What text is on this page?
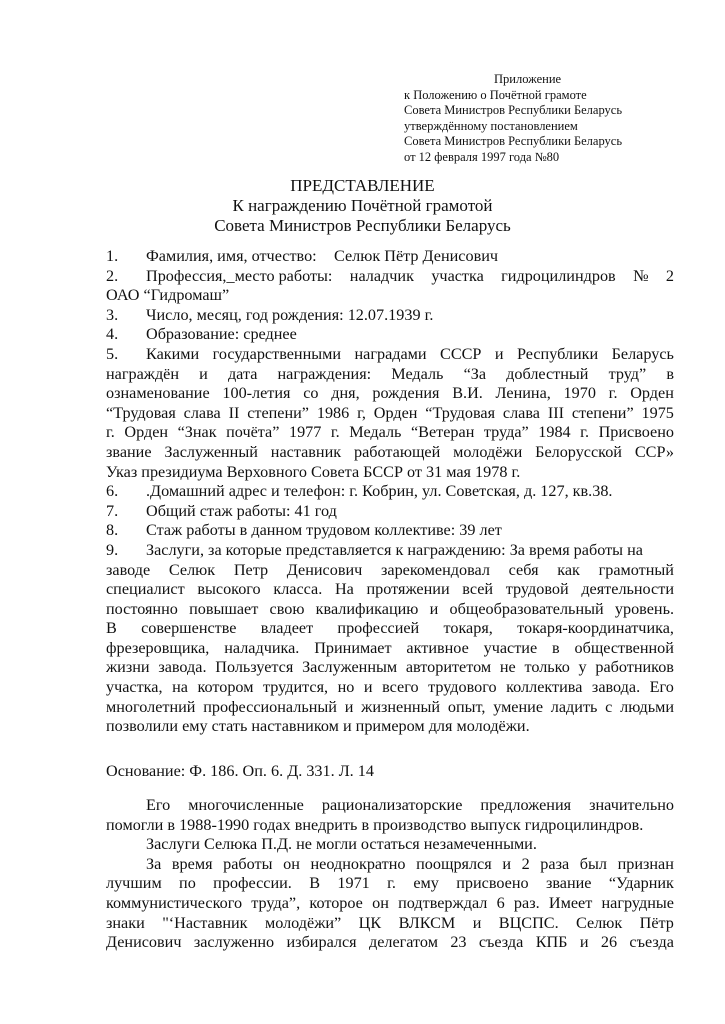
Приложение
к Положению о Почётной грамоте
Совета Министров Республики Беларусь
утверждённому постановлением
Совета Министров Республики Беларусь
от 12 февраля 1997 года №80
ПРЕДСТАВЛЕНИЕ
К награждению Почётной грамотой
Совета Министров Республики Беларусь
1. Фамилия, имя, отчество: Селюк Пётр Денисович
2.	Профессия,_место работы: наладчик участка гидроцилиндров № 2
ОАО “Гидромаш”
3. Число, месяц, год рождения: 12.07.1939 г.
4. Образование: среднее
5.	Какими государственными наградами СССР и Республики Беларусь
награждён и дата награждения: Медаль “За доблестный труд” в
ознаменование 100-летия со дня, рождения В.И. Ленина, 1970 г. Орден
“Трудовая слава II степени” 1986 г, Орден “Трудовая слава III степени” 1975
г. Орден “Знак почёта” 1977 г. Медаль “Ветеран труда” 1984 г. Присвоено
звание Заслуженный наставник работающей молодёжи Белорусской ССР»
Указ президиума Верховного Совета БССР от 31 мая 1978 г.
6. .Домашний адрес и телефон: г. Кобрин, ул. Советская, д. 127, кв.38.
7. Общий стаж работы: 41 год
8. Стаж работы в данном трудовом коллективе: 39 лет
9. Заслуги, за которые представляется к награждению: За время работы на
заводе Селюк Петр Денисович зарекомендовал себя как грамотный
специалист высокого класса. На протяжении всей трудовой деятельности
постоянно повышает свою квалификацию и общеобразовательный уровень.
В совершенстве владеет профессией токаря, токаря-координатчика,
фрезеровщика, наладчика. Принимает активное участие в общественной
жизни завода. Пользуется Заслуженным авторитетом не только у работников
участка, на котором трудится, но и всего трудового коллектива завода. Его
многолетний профессиональный и жизненный опыт, умение ладить с людьми
позволили ему стать наставником и примером для молодёжи.
Основание: Ф. 186. Оп. 6. Д. 331. Л. 14
Его многочисленные рационализаторские предложения значительно
помогли в 1988-1990 годах внедрить в производство выпуск гидроцилиндров.
Заслуги Селюка П.Д. не могли остаться незамеченными.
За время работы он неоднократно поощрялся и 2 раза был признан
лучшим по профессии. В 1971 г. ему присвоено звание “Ударник
коммунистического труда”, которое он подтверждал 6 раз. Имеет нагрудные
знаки "‘Наставник молодёжи” ЦК ВЛКСМ и ВЦСПС. Селюк Пётр
Денисович заслуженно избирался делегатом 23 съезда КПБ и 26 съезда
